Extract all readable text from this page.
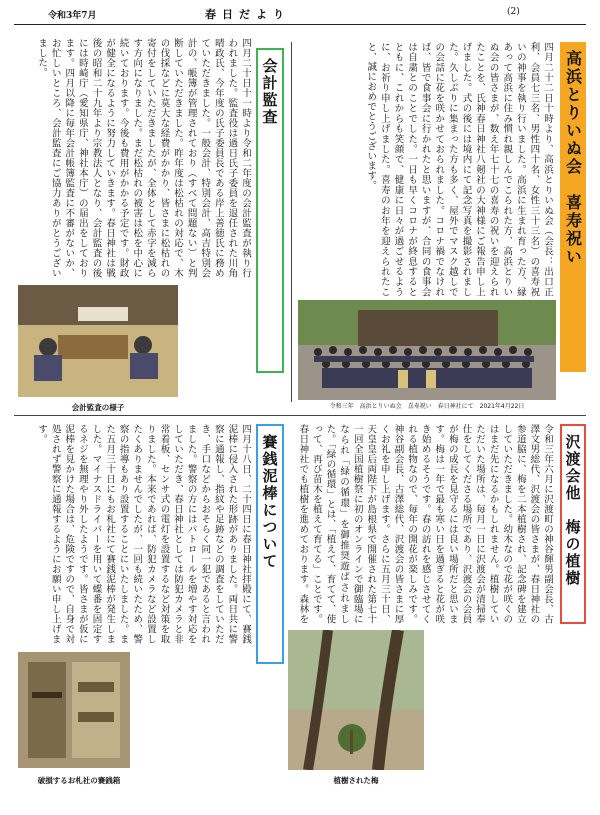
令和3年7月	春日だより	(2)
高浜とりいぬ会　喜寿祝い
四月二十二日十時より、高浜とりいぬ会（会長：出口正利、会員七三名、男性四十名、女性三十三名）の喜寿祝いの神事を執り行いました。高浜に生まれ育った方、縁あって高浜に住み慣れ親しんでこられた方、高浜とりいぬ会の皆さまが、数え年七十七の喜寿の祝いを迎えられたことを、氏神春日神社八剱社の大神様にご報告申し上げました。式の後には境内にて記念写真を撮影されました。久しぶりに集まった方も多く、屋外でマスク越しでの会話に花を咲かせておられました。コロナ禍でなければ、皆で食事会に行かれたと思いますが、合同の食事会は自粛とのことでした。一日も早くコロナが終息するとともに、これからも笑顔で、健康に日々が過ごせるように、お祈り申し上げました。喜寿のお年を迎えられたこと、誠におめでとうございます。
令和三年　高浜とりいぬ会　喜寿祝い　春日神社にて　2021年4月22日
会計監査
四月二十日十一時より令和二年度の会計監査が執り行われました。監査役は過日氏子委員を退任された川角晴政氏、今年度の氏子委員長である岸上善徳氏に務めていただきました。一般会計、特別会計、高吉特別会計の、帳簿が管理されており（すべて問題ない）と判断していただきました。昨年度は松枯れの対応で、木の伐採などに莫大な経費がかかり、皆さまに松枯れの寄付をしていただきましたが、全体として赤字を減らす方向になりました。まだ松枯れの被害は松を中心に続いております。今後も費用がかかる予定です。財政が健全になるように努力していきます。春日神社は戦後の昭和二十九年より宗教法人となり、会計監査の後には時崎庁（愛知県庁、神社本庁）の届出をしております。四月以降に毎年会計帳簿監査に不審がないか、お忙しいところ、会計監査にご協力ありがとうございました。
会計監査の様子
沢渡会他　梅の植樹
令和三年六月に沢渡町の神谷輝男副会長、古澤文男総代、沢渡会の皆さまが、春日神社の参道脇に、梅を二本植樹され、記念碑を建立していただきました。幼木なので花が咲くのはまだ先になるかもしれません。植樹していただいた場所は、毎月一日に沢渡会が清掃奉仕をしてくださる場所であり、沢渡会の会員が梅の成長を見守るには良い場所だと思います。梅は一年で最も寒い日を過ぎると花が咲き始めるそうです。春の訪れを感じさせてくれる植物なので、毎年の開花が楽しみです。神谷副会長、古澤総代、沢渡会の皆さまに厚くお礼を申し上げます。さらに五月三十日、天皇皇后両陛下が島根県で開催された第七十一回全国植樹祭に初のオンラインで御臨場になられ「緑の循環」を御推奨遊ばされました。「緑の循環」とは、「植えて、育てて、使って、再び苗木を植えて育てる」ことです。春日神社でも植樹を進めております。森林を
植樹された梅
賽銭泥棒について
四月十八日、二十四日に春日神社拝殿にて、賽銭泥棒に侵入された形跡がありました。両日共に警察に通報し、指紋や足跡などの調査をしていただき、手口などからおそらく同一犯であると言われました。警察の方にはパトロールを増やす対応をしていただき、春日神社としては防犯カメラと非常着板、センサ式の電灯を設置するなど対策を取りました。本来であれば、防犯カメラなど設置したくありませんでしたが、一回も続いたため、警察の指導もあり設置することにいたしました。また五月三十日にもお札社にて賽銭泥棒が発生しました。マイナスドライバーを用いて蝶番を固定するネジを無理やり外したようです。皆さまが仮に泥棒を見かけた場合は、危険ですので、自身で対処されず警察に通報するようにお願い申し上げます。
破損するお札社の賽銭箱
